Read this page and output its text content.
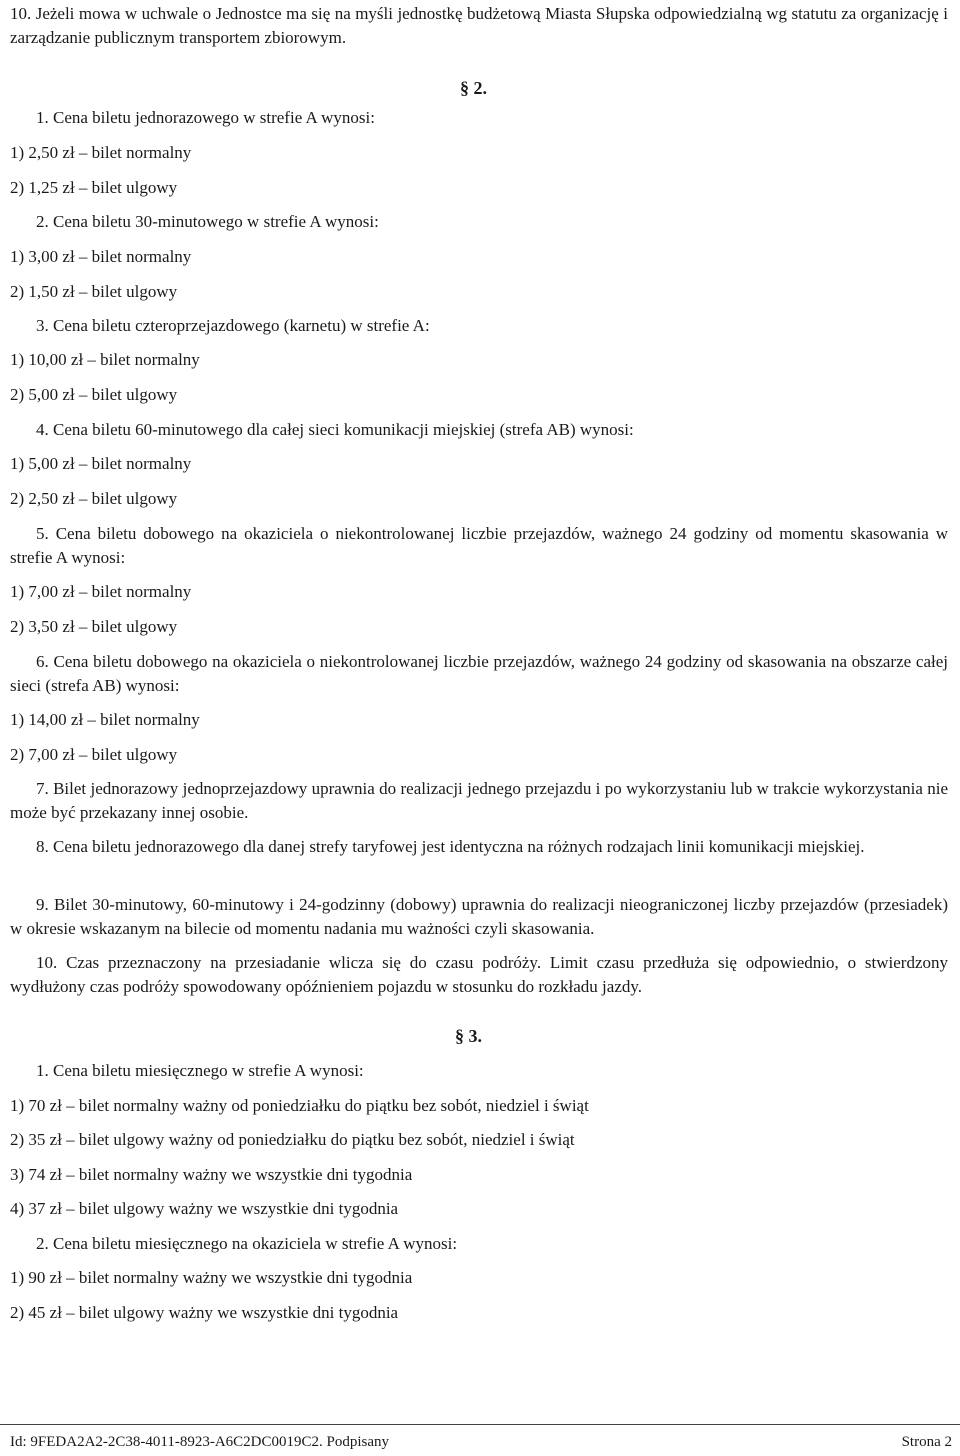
10. Jeżeli mowa w uchwale o Jednostce ma się na myśli jednostkę budżetową Miasta Słupska odpowiedzialną wg statutu za organizację i zarządzanie publicznym transportem zbiorowym.
§ 2.
1. Cena biletu jednorazowego w strefie A wynosi:
1) 2,50 zł – bilet normalny
2) 1,25 zł – bilet ulgowy
2. Cena biletu 30-minutowego w strefie A wynosi:
1) 3,00 zł – bilet normalny
2) 1,50 zł – bilet ulgowy
3. Cena biletu czteroprzejazdowego (karnetu) w strefie A:
1) 10,00 zł – bilet normalny
2) 5,00 zł – bilet ulgowy
4. Cena biletu 60-minutowego dla całej sieci komunikacji miejskiej (strefa AB) wynosi:
1) 5,00 zł – bilet normalny
2) 2,50 zł – bilet ulgowy
5. Cena biletu dobowego na okaziciela o niekontrolowanej liczbie przejazdów, ważnego 24 godziny od momentu skasowania w strefie A wynosi:
1) 7,00 zł – bilet normalny
2) 3,50 zł – bilet ulgowy
6. Cena biletu dobowego na okaziciela o niekontrolowanej liczbie przejazdów, ważnego 24 godziny od skasowania na obszarze całej sieci (strefa AB) wynosi:
1) 14,00 zł – bilet normalny
2) 7,00 zł – bilet ulgowy
7. Bilet jednorazowy jednoprzejazdowy uprawnia do realizacji jednego przejazdu i po wykorzystaniu lub w trakcie wykorzystania nie może być przekazany innej osobie.
8. Cena biletu jednorazowego dla danej strefy taryfowej jest identyczna na różnych rodzajach linii komunikacji miejskiej.
9. Bilet 30-minutowy, 60-minutowy i 24-godzinny (dobowy) uprawnia do realizacji nieograniczonej liczby przejazdów (przesiadek) w okresie wskazanym na bilecie od momentu nadania mu ważności czyli skasowania.
10. Czas przeznaczony na przesiadanie wlicza się do czasu podróży. Limit czasu przedłuża się odpowiednio, o stwierdzony wydłużony czas podróży spowodowany opóźnieniem pojazdu w stosunku do rozkładu jazdy.
§ 3.
1. Cena biletu miesięcznego w strefie A wynosi:
1) 70 zł – bilet normalny ważny od poniedziałku do piątku bez sobót, niedziel i świąt
2) 35 zł – bilet ulgowy ważny od poniedziałku do piątku bez sobót, niedziel i świąt
3) 74 zł – bilet normalny ważny we wszystkie dni tygodnia
4) 37 zł – bilet ulgowy ważny we wszystkie dni tygodnia
2. Cena biletu miesięcznego na okaziciela w strefie A wynosi:
1) 90 zł – bilet normalny ważny we wszystkie dni tygodnia
2) 45 zł – bilet ulgowy ważny we wszystkie dni tygodnia
Id: 9FEDA2A2-2C38-4011-8923-A6C2DC0019C2. Podpisany	Strona 2
